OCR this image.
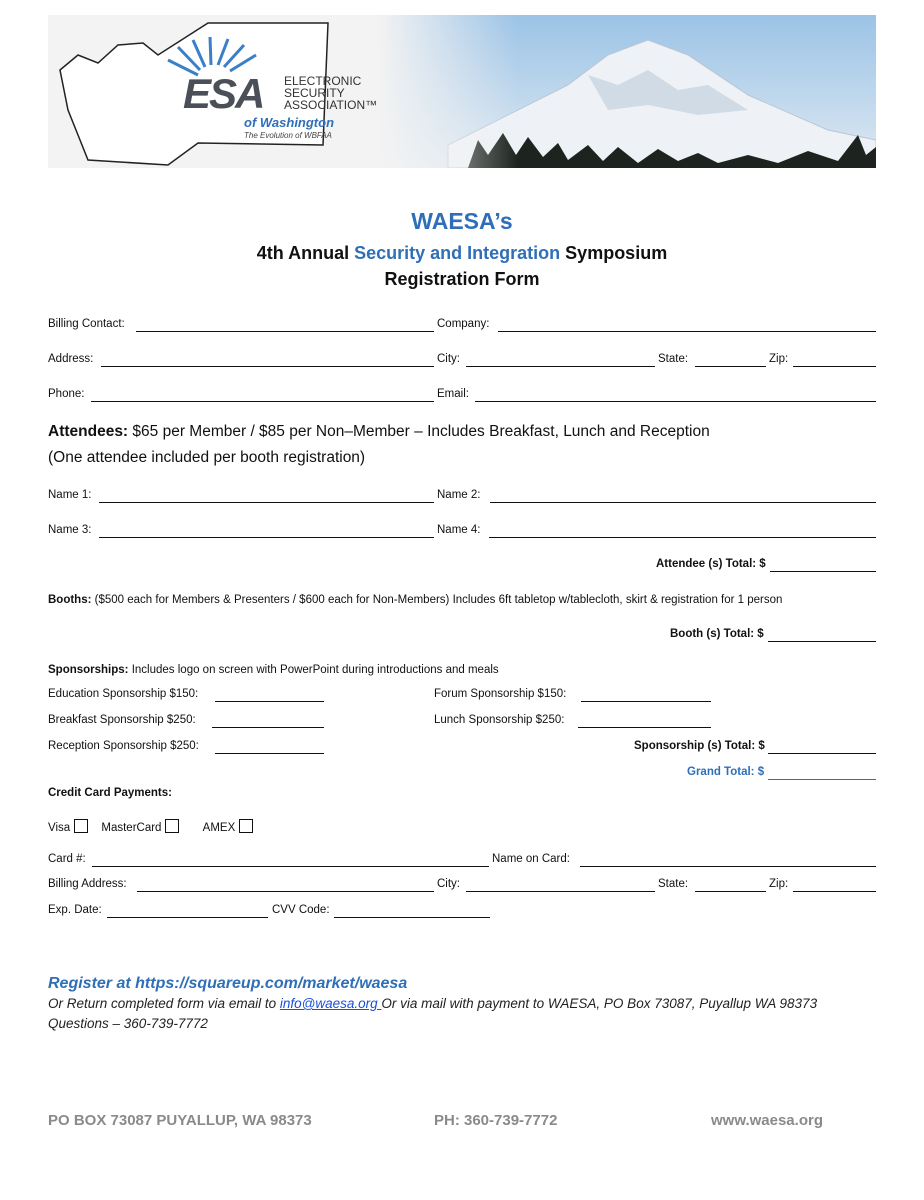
ESA ELECTRONIC
SECURITY
ASSOCIATION™
of Washington
The Evolution of WBFAA
WAESA’s
4th Annual Security and Integration Symposium
Registration Form
Billing Contact:	Company:
Address:	City:	State:	Zip:
Phone:	Email:
Attendees: $65 per Member / $85 per Non–Member – Includes Breakfast, Lunch and Reception
(One attendee included per booth registration)
Name 1:	Name 2:
Name 3:	Name 4:
Attendee (s) Total: $
Booths: ($500 each for Members & Presenters / $600 each for Non-Members) Includes 6ft tabletop w/tablecloth, skirt & registration for 1 person
Booth (s) Total: $
Sponsorships: Includes logo on screen with PowerPoint during introductions and meals
Education Sponsorship $150:	Forum Sponsorship $150:
Breakfast Sponsorship $250:	Lunch Sponsorship $250:
Reception Sponsorship $250:	Sponsorship (s) Total: $
Grand Total: $
Credit Card Payments:
Visa	MasterCard	AMEX
Card #:	Name on Card:
Billing Address:	City:	State:	Zip:
Exp. Date:	CVV Code:
Register at https://squareup.com/market/waesa
Or Return completed form via email to info@waesa.org Or via mail with payment to WAESA, PO Box 73087, Puyallup WA 98373
Questions – 360-739-7772
PO BOX 73087 PUYALLUP, WA 98373	PH: 360-739-7772	www.waesa.org
